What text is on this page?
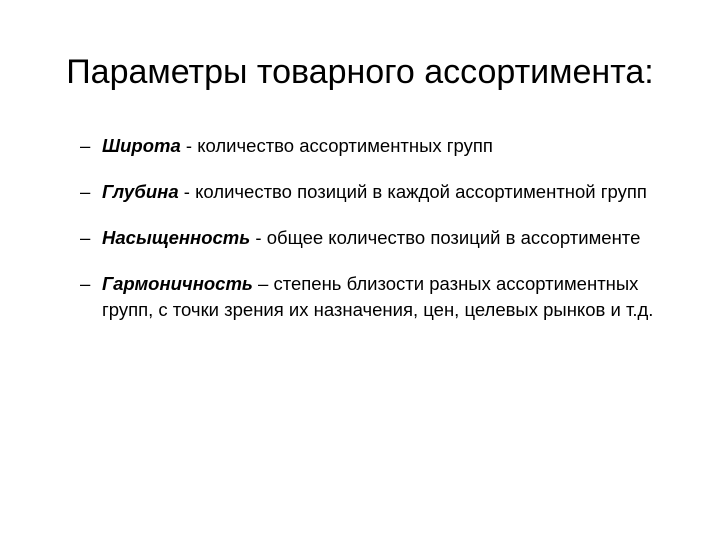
Параметры товарного ассортимента:
– Широта - количество ассортиментных групп
– Глубина - количество позиций в каждой ассортиментной групп
– Насыщенность - общее количество позиций в ассортименте
– Гармоничность – степень близости разных ассортиментных групп, с точки зрения их назначения, цен, целевых рынков и т.д.
